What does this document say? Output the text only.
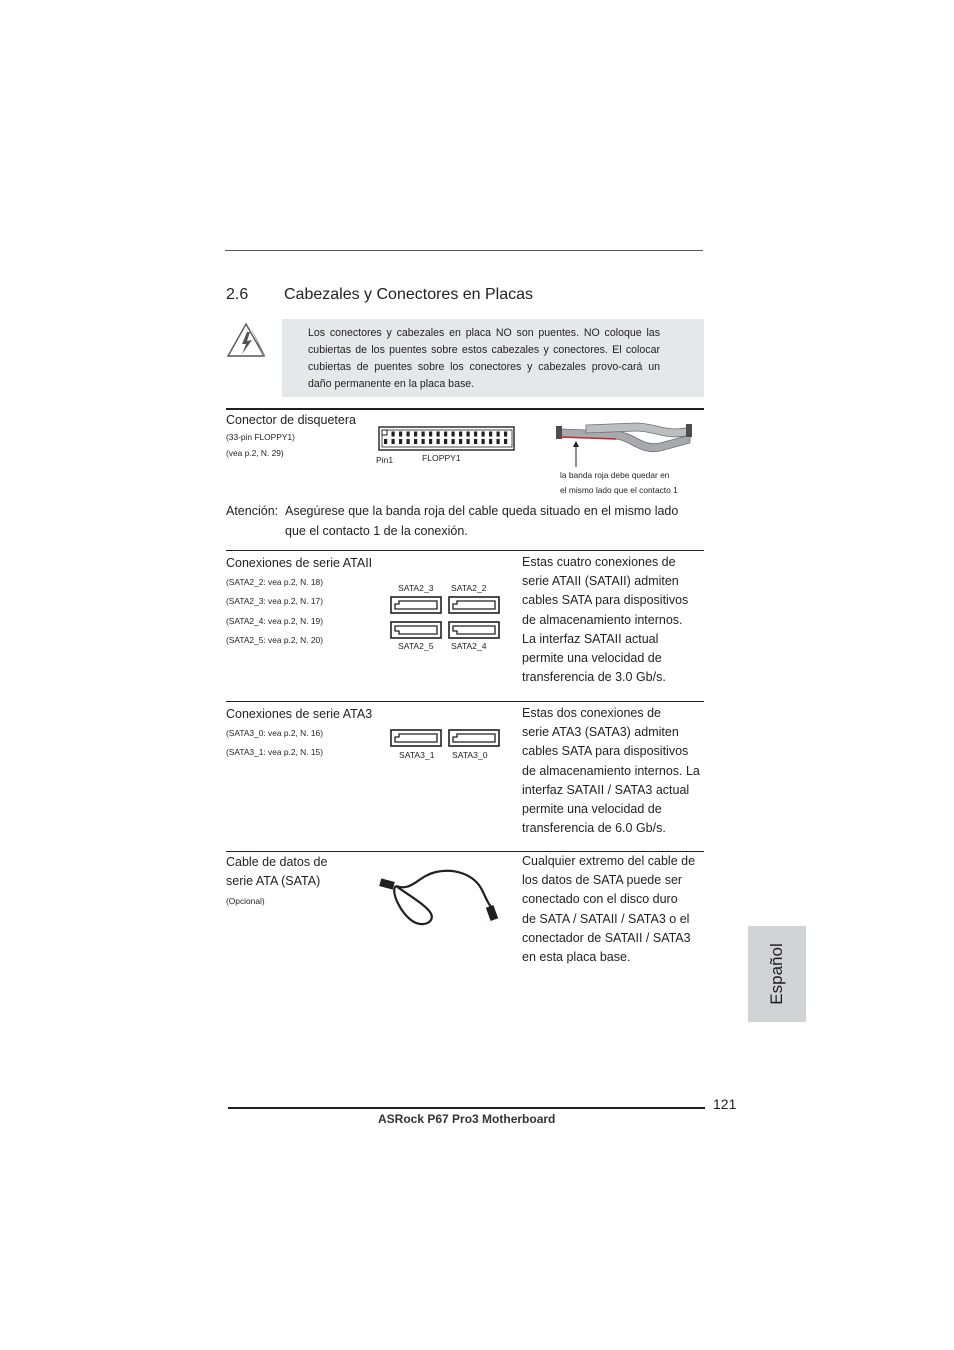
2.6 Cabezales y Conectores en Placas
Los conectores y cabezales en placa NO son puentes. NO coloque las cubiertas de los puentes sobre estos cabezales y conectores. El colocar cubiertas de puentes sobre los conectores y cabezales provo-cará un daño permanente en la placa base.
Conector de disquetera
(33-pin FLOPPY1)
(vea p.2, N. 29)
Pin1	FLOPPY1
la banda roja debe quedar en
el mismo lado que el contacto 1
Atención: Asegúrese que la banda roja del cable queda situado en el mismo lado
que el contacto 1 de la conexión.
Conexiones de serie ATAII
(SATA2_2: vea p.2, N. 18)
(SATA2_3: vea p.2, N. 17)
(SATA2_4: vea p.2, N. 19)
(SATA2_5: vea p.2, N. 20)
SATA2_3 SATA2_2
SATA2_5 SATA2_4
Estas cuatro conexiones de
serie ATAII (SATAII) admiten
cables SATA para dispositivos
de almacenamiento internos.
La interfaz SATAII actual
permite una velocidad de
transferencia de 3.0 Gb/s.
Conexiones de serie ATA3
(SATA3_0: vea p.2, N. 16)
(SATA3_1: vea p.2, N. 15)	SATA3_1 SATA3_0
Estas dos conexiones de
serie ATA3 (SATA3) admiten
cables SATA para dispositivos
de almacenamiento internos. La
interfaz SATAII / SATA3 actual
permite una velocidad de
transferencia de 6.0 Gb/s.
Cable de datos de
serie ATA (SATA)
(Opcional)
Cualquier extremo del cable de
los datos de SATA puede ser
conectado con el disco duro
de SATA / SATAII / SATA3 o el
conectador de SATAII / SATA3
en esta placa base.	Español
121
ASRock P67 Pro3 Motherboard
